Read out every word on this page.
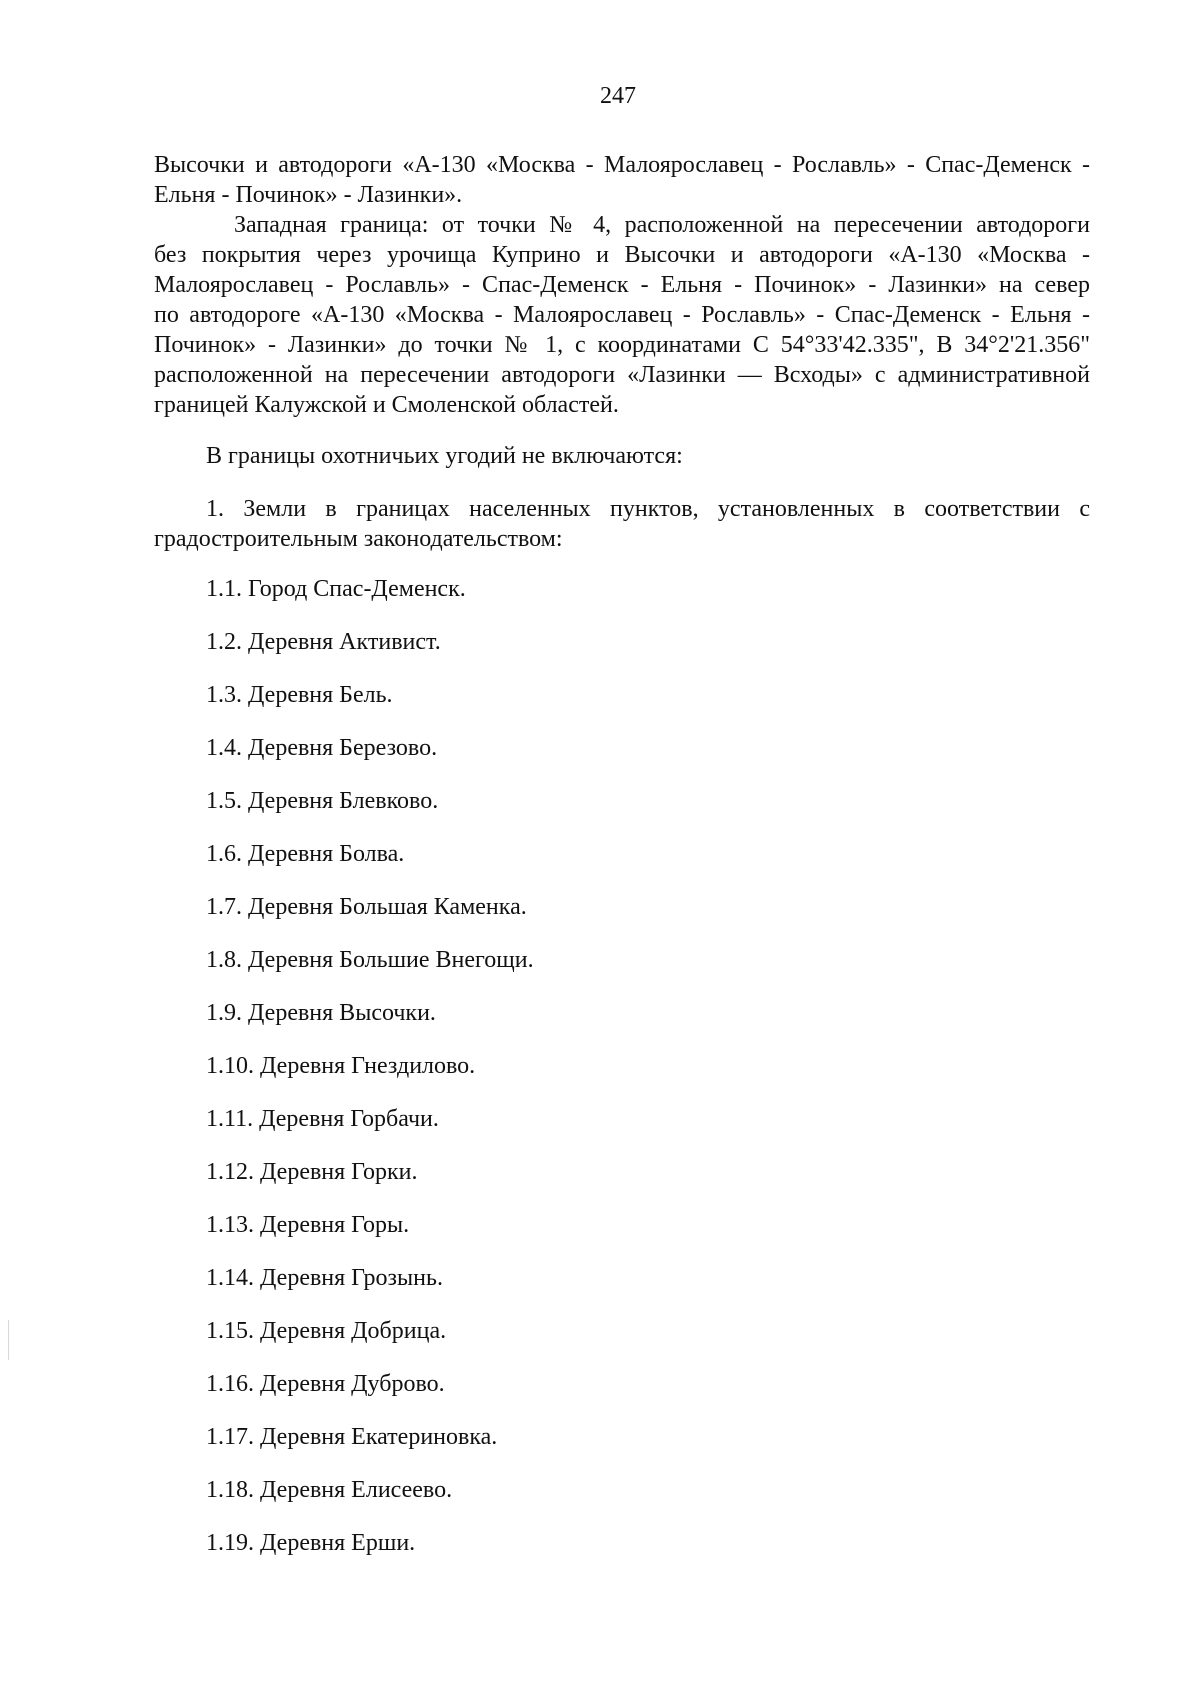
247
Высочки и автодороги «А-130 «Москва - Малоярославец - Рославль» - Спас-Деменск -
Ельня - Починок» - Лазинки».
Западная граница: от точки № 4, расположенной на пересечении автодороги
без покрытия через урочища Куприно и Высочки и автодороги «А-130 «Москва -
Малоярославец - Рославль» - Спас-Деменск - Ельня - Починок» - Лазинки» на север
по автодороге «А-130 «Москва - Малоярославец - Рославль» - Спас-Деменск - Ельня -
Починок» - Лазинки» до точки № 1, с координатами С 54°33'42.335", В 34°2'21.356"
расположенной на пересечении автодороги «Лазинки — Всходы» с административной
границей Калужской и Смоленской областей.
В границы охотничьих угодий не включаются:
1. Земли в границах населенных пунктов, установленных в соответствии с
градостроительным законодательством:
1.1. Город Спас-Деменск.
1.2. Деревня Активист.
1.3. Деревня Бель.
1.4. Деревня Березово.
1.5. Деревня Блевково.
1.6. Деревня Болва.
1.7. Деревня Большая Каменка.
1.8. Деревня Большие Внегощи.
1.9. Деревня Высочки.
1.10. Деревня Гнездилово.
1.11. Деревня Горбачи.
1.12. Деревня Горки.
1.13. Деревня Горы.
1.14. Деревня Грозынь.
1.15. Деревня Добрица.
1.16. Деревня Дуброво.
1.17. Деревня Екатериновка.
1.18. Деревня Елисеево.
1.19. Деревня Ерши.
